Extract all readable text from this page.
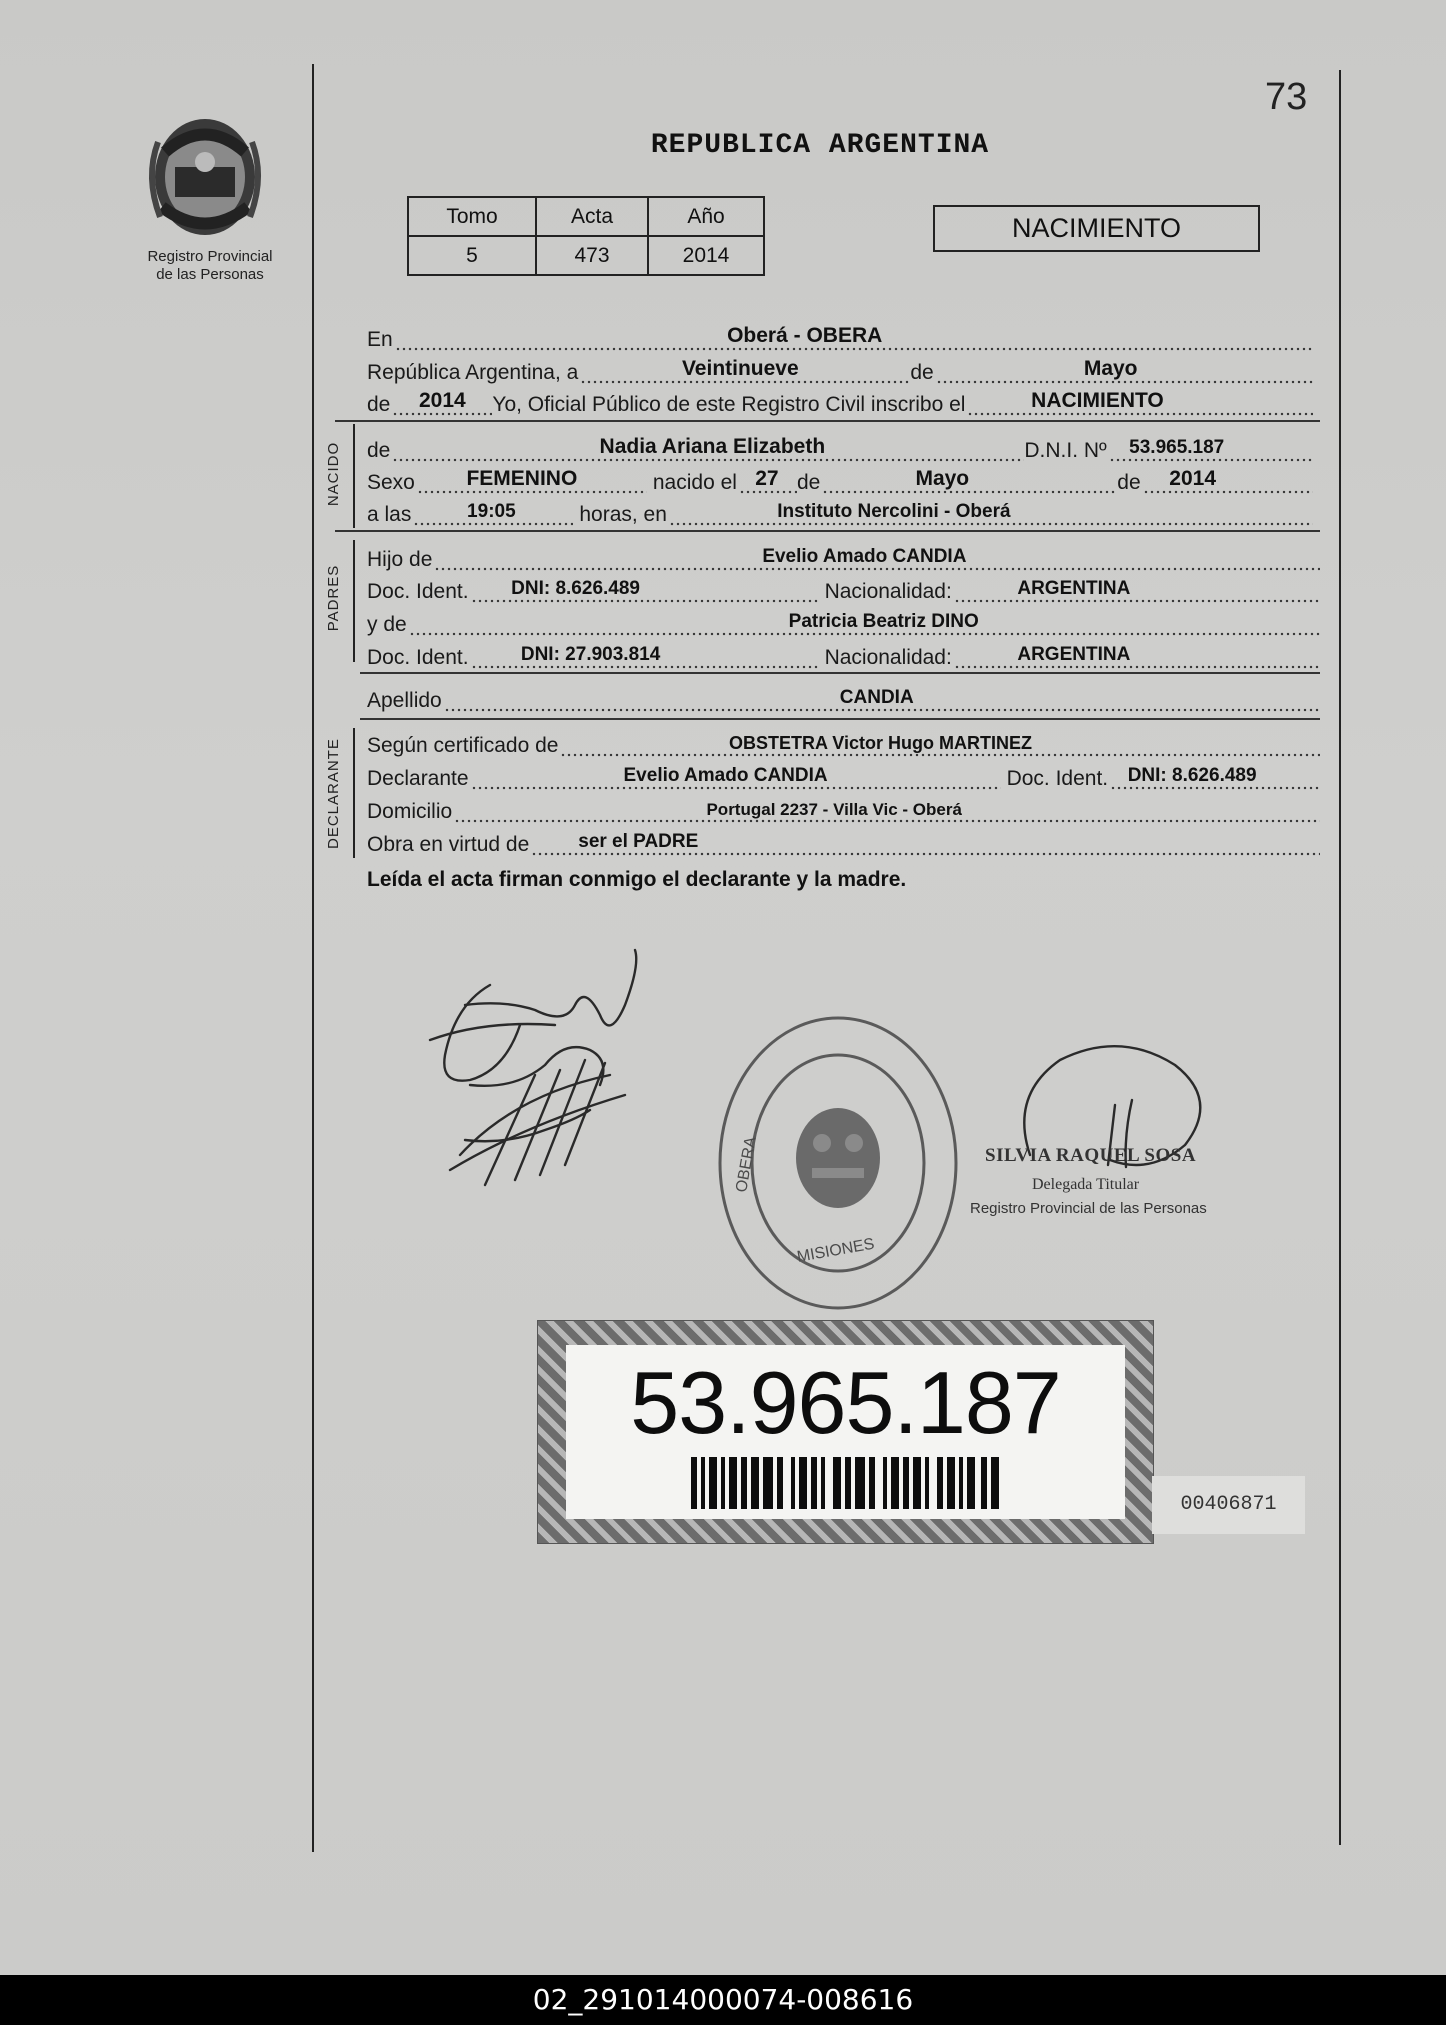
Registro Provincial
de las Personas
73
REPUBLICA ARGENTINA
Tomo	Acta	Año
5	473	2014
NACIMIENTO
En	Oberá - OBERA
República Argentina, a	Veintinueve	de	Mayo
de 2014 Yo, Oficial Público de este Registro Civil inscribo el	NACIMIENTO
NACIDO de	Nadia Ariana Elizabeth	D.N.I. Nº 53.965.187
Sexo FEMENINO	nacido el 27 de	Mayo	de 2014
a las	19:05	horas, en	Instituto Nercolini - Oberá
PADRES
Hijo de	Evelio Amado CANDIA
Doc. Ident. DNI: 8.626.489	Nacionalidad:	ARGENTINA
y de	Patricia Beatriz DINO
Doc. Ident.	DNI: 27.903.814	Nacionalidad:	ARGENTINA
Apellido	CANDIA
DECLARANTE Según certificado de	OBSTETRA Victor Hugo MARTINEZ
Declarante	Evelio Amado CANDIA	Doc. Ident. DNI: 8.626.489
Domicilio	Portugal 2237 - Villa Vic - Oberá
Obra en virtud de	ser el PADRE
Leída el acta firman conmigo el declarante y la madre.
OBERA
MISIONES
SILVIA RAQUEL SOSA
Delegada Titular
Registro Provincial de las Personas
53.965.187
00406871
02_291014000074-008616
